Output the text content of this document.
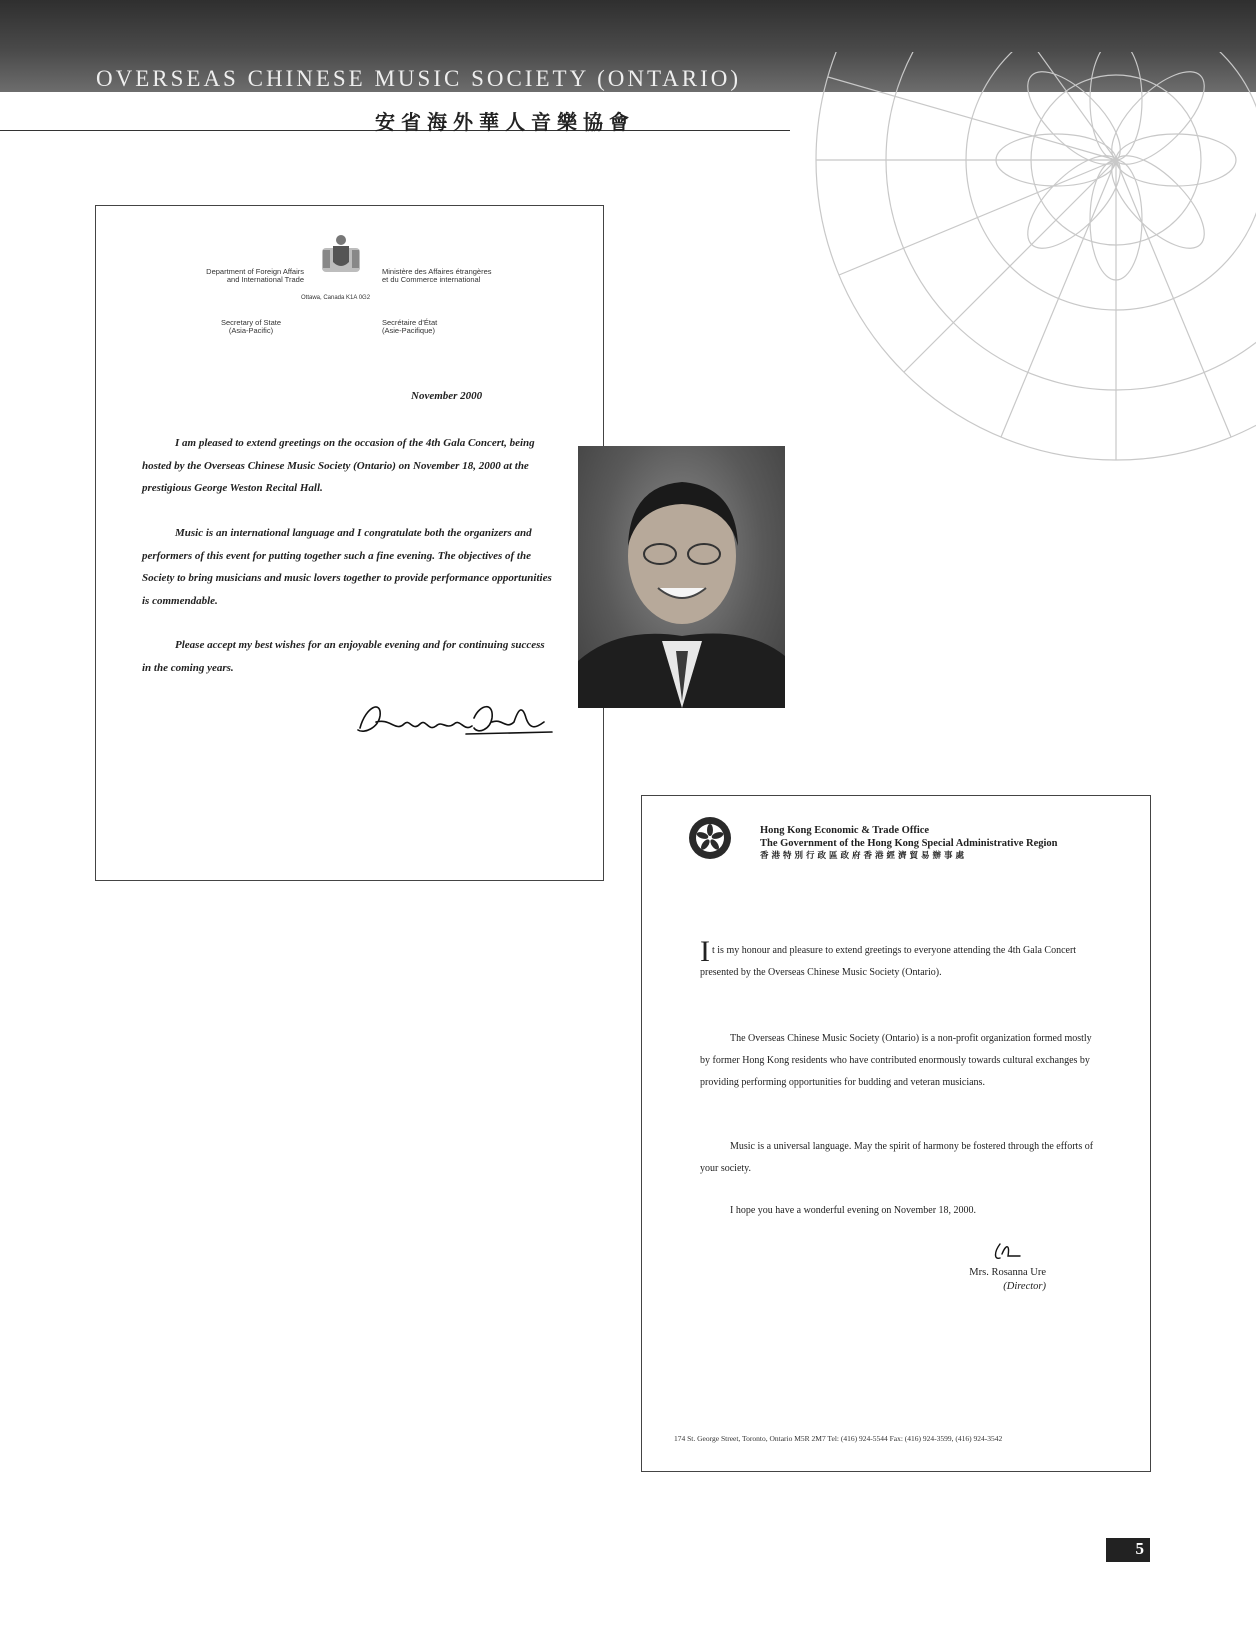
OVERSEAS CHINESE MUSIC SOCIETY (ONTARIO)
安省海外華人音樂協會
Department of Foreign Affairs
and International Trade
Ministère des Affaires étrangères
et du Commerce international
Ottawa, Canada K1A 0G2
Secretary of State
(Asia-Pacific)
Secrétaire d'État
(Asie-Pacifique)
November 2000
I am pleased to extend greetings on the occasion of the 4th Gala Concert, being hosted by the Overseas Chinese Music Society (Ontario) on November 18, 2000 at the prestigious George Weston Recital Hall.
Music is an international language and I congratulate both the organizers and performers of this event for putting together such a fine evening. The objectives of the Society to bring musicians and music lovers together to provide performance opportunities is commendable.
Please accept my best wishes for an enjoyable evening and for continuing success in the coming years.
Hong Kong Economic & Trade Office
The Government of the Hong Kong Special Administrative Region
香港特別行政區政府香港經濟貿易辦事處
It is my honour and pleasure to extend greetings to everyone attending the 4th Gala Concert presented by the Overseas Chinese Music Society (Ontario).
The Overseas Chinese Music Society (Ontario) is a non-profit organization formed mostly by former Hong Kong residents who have contributed enormously towards cultural exchanges by providing performing opportunities for budding and veteran musicians.
Music is a universal language. May the spirit of harmony be fostered through the efforts of your society.
I hope you have a wonderful evening on November 18, 2000.
Mrs. Rosanna Ure
(Director)
174 St. George Street, Toronto, Ontario M5R 2M7 Tel: (416) 924-5544 Fax: (416) 924-3599, (416) 924-3542
5
